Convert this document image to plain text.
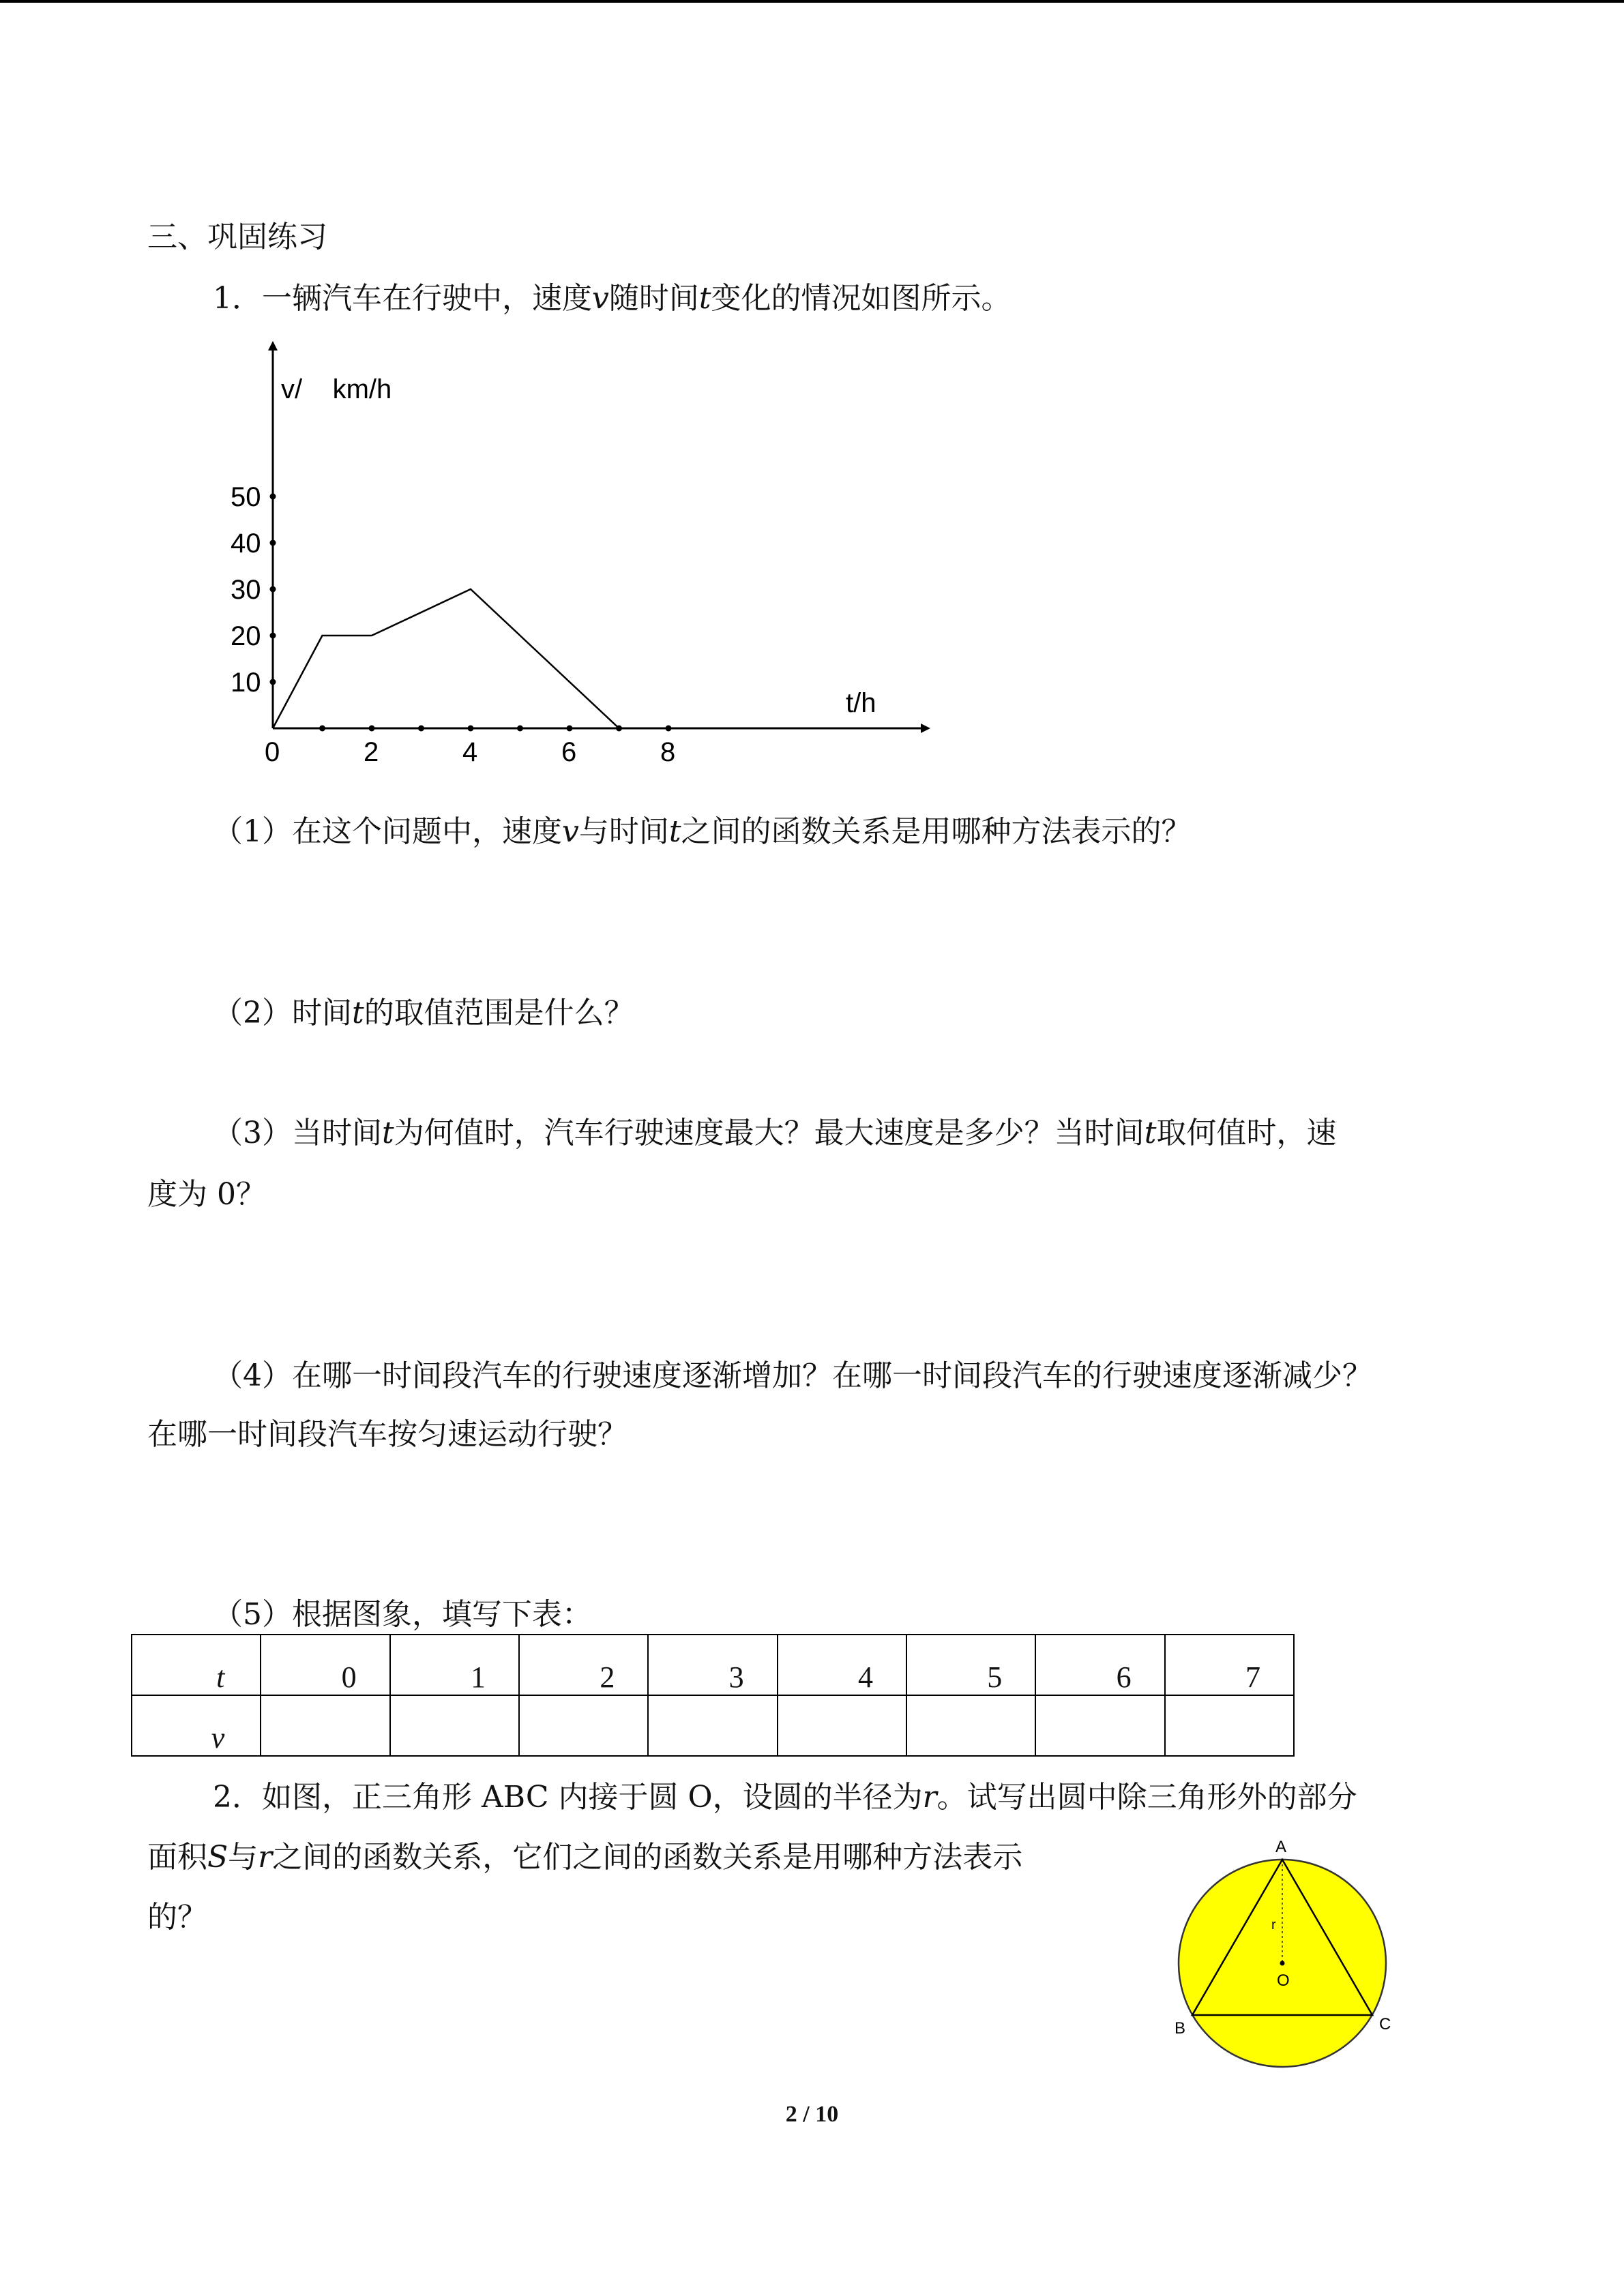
三、巩固练习
1．一辆汽车在行驶中，速度v随时间t变化的情况如图所示。
v/    km/h
t/h
0	2	4	6	8
10
20
30
40
50
（1）在这个问题中，速度v与时间t之间的函数关系是用哪种方法表示的？
（2）时间t的取值范围是什么？
（3）当时间t为何值时，汽车行驶速度最大？最大速度是多少？当时间t取何值时，速
度为 0？
（4）在哪一时间段汽车的行驶速度逐渐增加？在哪一时间段汽车的行驶速度逐渐减少？
在哪一时间段汽车按匀速运动行驶？
（5）根据图象，填写下表：
t	0	1	2	3	4	5	6	7
v								
2．如图，正三角形 ABC 内接于圆 O，设圆的半径为r。试写出圆中除三角形外的部分
面积S与r之间的函数关系，它们之间的函数关系是用哪种方法表示
的？
A
B	C
O
r
2 / 10
